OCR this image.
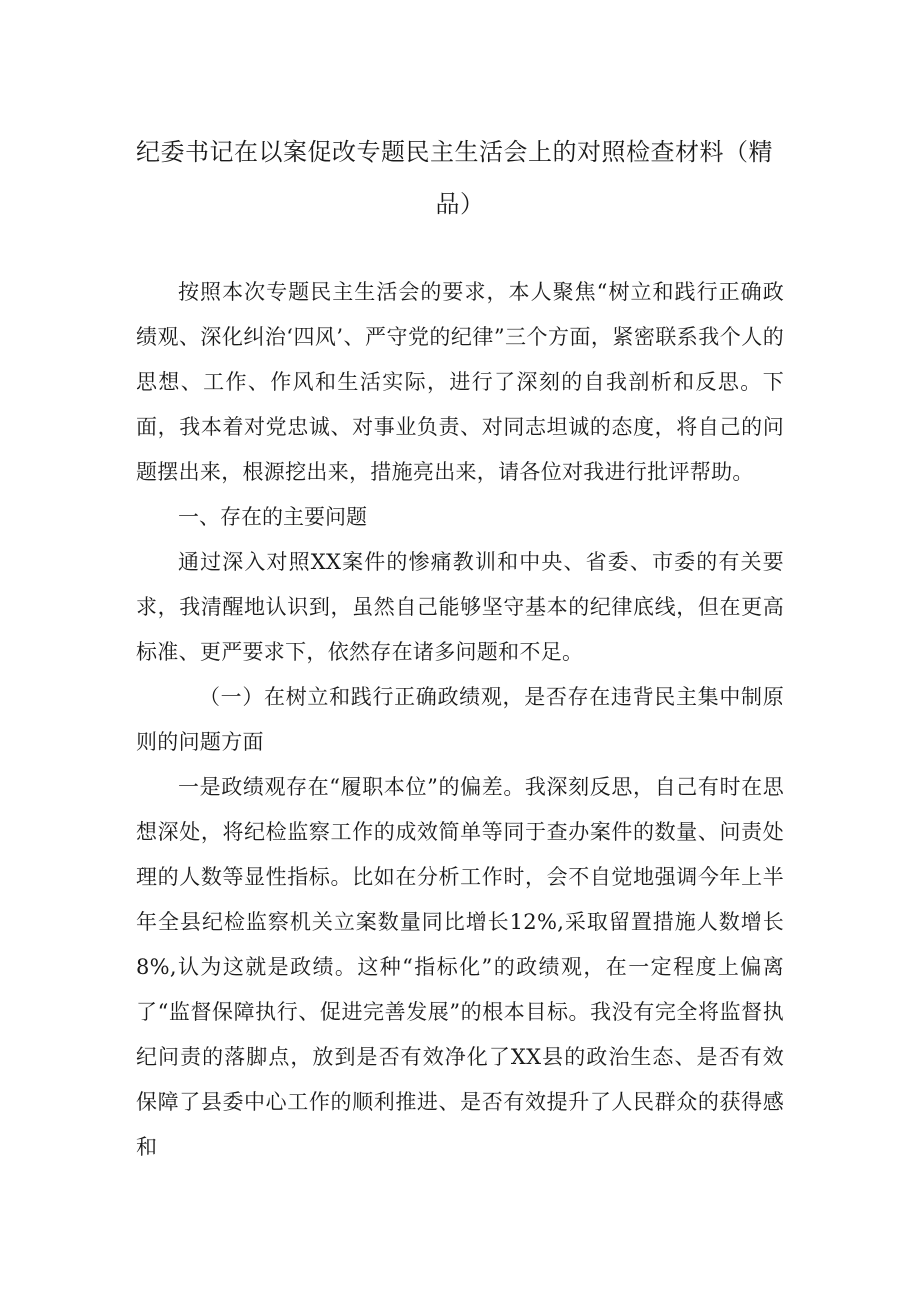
纪委书记在以案促改专题民主生活会上的对照检查材料（精
品）

按照本次专题民主生活会的要求，本人聚焦“树立和践行正确政绩观、深化纠治‘四风’、严守党的纪律”三个方面，紧密联系我个人的思想、工作、作风和生活实际，进行了深刻的自我剖析和反思。下面，我本着对党忠诚、对事业负责、对同志坦诚的态度，将自己的问题摆出来，根源挖出来，措施亮出来，请各位对我进行批评帮助。

一、存在的主要问题

通过深入对照XX案件的惨痛教训和中央、省委、市委的有关要求，我清醒地认识到，虽然自己能够坚守基本的纪律底线，但在更高标准、更严要求下，依然存在诸多问题和不足。

（一）在树立和践行正确政绩观，是否存在违背民主集中制原则的问题方面

一是政绩观存在“履职本位”的偏差。我深刻反思，自己有时在思想深处，将纪检监察工作的成效简单等同于查办案件的数量、问责处理的人数等显性指标。比如在分析工作时，会不自觉地强调今年上半年全县纪检监察机关立案数量同比增长12%,采取留置措施人数增长8%,认为这就是政绩。这种“指标化”的政绩观，在一定程度上偏离了“监督保障执行、促进完善发展”的根本目标。我没有完全将监督执纪问责的落脚点，放到是否有效净化了XX县的政治生态、是否有效保障了县委中心工作的顺利推进、是否有效提升了人民群众的获得感和
